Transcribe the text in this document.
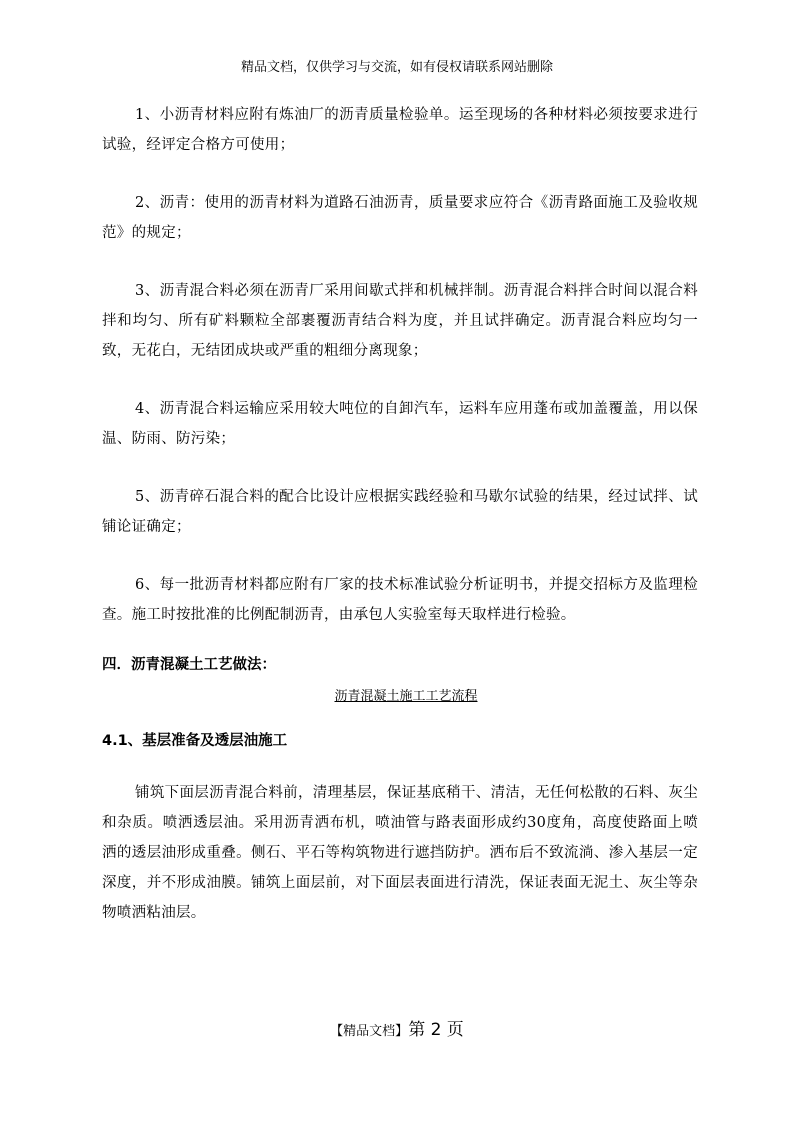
精品文档，仅供学习与交流，如有侵权请联系网站删除

1、小沥青材料应附有炼油厂的沥青质量检验单。运至现场的各种材料必须按要求进行试验，经评定合格方可使用；

2、沥青：使用的沥青材料为道路石油沥青，质量要求应符合《沥青路面施工及验收规范》的规定；

3、沥青混合料必须在沥青厂采用间歇式拌和机械拌制。沥青混合料拌合时间以混合料拌和均匀、所有矿料颗粒全部裹覆沥青结合料为度，并且试拌确定。沥青混合料应均匀一致，无花白，无结团成块或严重的粗细分离现象；

4、沥青混合料运输应采用较大吨位的自卸汽车，运料车应用蓬布或加盖覆盖，用以保温、防雨、防污染；

5、沥青碎石混合料的配合比设计应根据实践经验和马歇尔试验的结果，经过试拌、试铺论证确定；

6、每一批沥青材料都应附有厂家的技术标准试验分析证明书，并提交招标方及监理检查。施工时按批准的比例配制沥青，由承包人实验室每天取样进行检验。

四．沥青混凝土工艺做法：
沥青混凝土施工工艺流程
4.1、基层准备及透层油施工

铺筑下面层沥青混合料前，清理基层，保证基底稍干、清洁，无任何松散的石料、灰尘和杂质。喷洒透层油。采用沥青洒布机，喷油管与路表面形成约30度角，高度使路面上喷洒的透层油形成重叠。侧石、平石等构筑物进行遮挡防护。洒布后不致流淌、渗入基层一定深度，并不形成油膜。铺筑上面层前，对下面层表面进行清洗，保证表面无泥土、灰尘等杂物喷洒粘油层。

【精品文档】第 2 页
